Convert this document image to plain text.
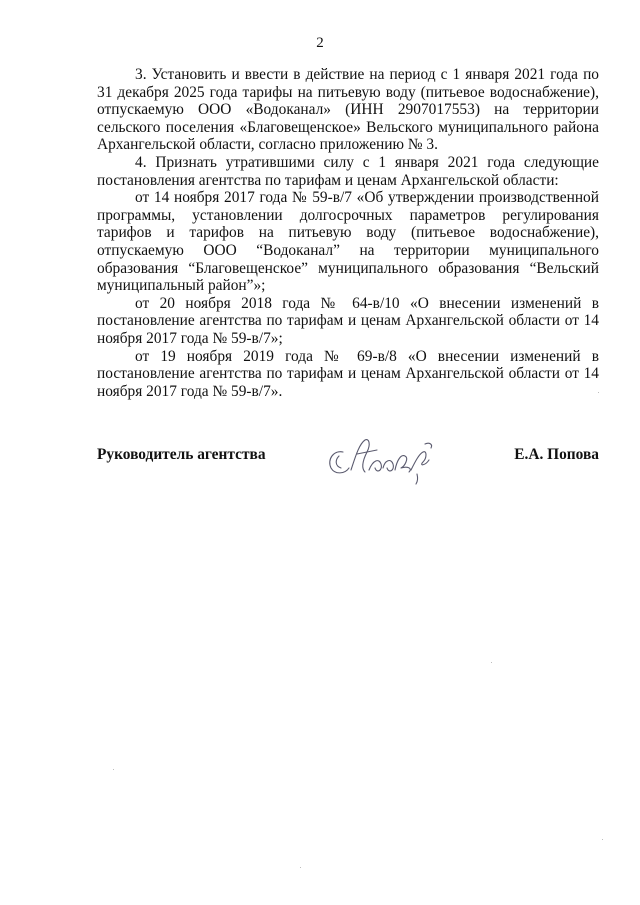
2

3. Установить и ввести в действие на период с 1 января 2021 года по 31 декабря 2025 года тарифы на питьевую воду (питьевое водоснабжение), отпускаемую ООО «Водоканал» (ИНН 2907017553) на территории сельского поселения «Благовещенское» Вельского муниципального района Архангельской области, согласно приложению № 3.

4. Признать утратившими силу с 1 января 2021 года следующие постановления агентства по тарифам и ценам Архангельской области:

от 14 ноября 2017 года № 59-в/7 «Об утверждении производственной программы, установлении долгосрочных параметров регулирования тарифов и тарифов на питьевую воду (питьевое водоснабжение), отпускаемую ООО “Водоканал” на территории муниципального образования “Благовещенское” муниципального образования “Вельский муниципальный район”»;

от 20 ноября 2018 года № 64-в/10 «О внесении изменений в постановление агентства по тарифам и ценам Архангельской области от 14 ноября 2017 года № 59-в/7»;

от 19 ноября 2019 года № 69-в/8 «О внесении изменений в постановление агентства по тарифам и ценам Архангельской области от 14 ноября 2017 года № 59-в/7».

Руководитель агентства	Е.А. Попова
